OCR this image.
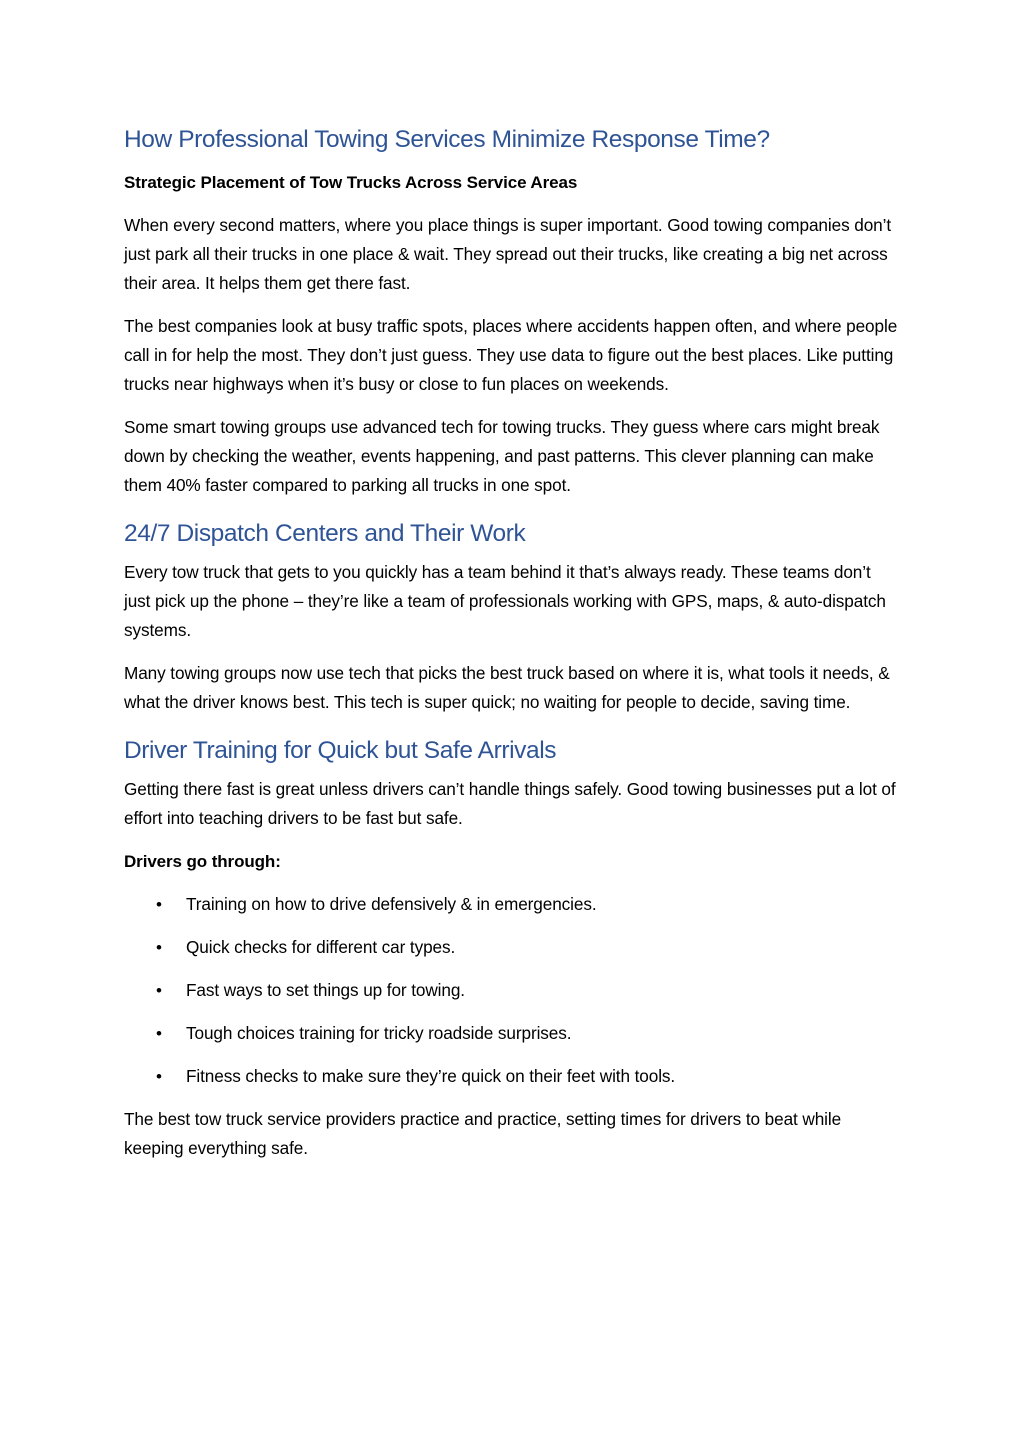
How Professional Towing Services Minimize Response Time?

Strategic Placement of Tow Trucks Across Service Areas

When every second matters, where you place things is super important. Good towing companies don’t just park all their trucks in one place & wait. They spread out their trucks, like creating a big net across their area. It helps them get there fast.

The best companies look at busy traffic spots, places where accidents happen often, and where people call in for help the most. They don’t just guess. They use data to figure out the best places. Like putting trucks near highways when it’s busy or close to fun places on weekends.

Some smart towing groups use advanced tech for towing trucks. They guess where cars might break down by checking the weather, events happening, and past patterns. This clever planning can make them 40% faster compared to parking all trucks in one spot.

24/7 Dispatch Centers and Their Work

Every tow truck that gets to you quickly has a team behind it that’s always ready. These teams don’t just pick up the phone – they’re like a team of professionals working with GPS, maps, & auto-dispatch systems.

Many towing groups now use tech that picks the best truck based on where it is, what tools it needs, & what the driver knows best. This tech is super quick; no waiting for people to decide, saving time.

Driver Training for Quick but Safe Arrivals

Getting there fast is great unless drivers can’t handle things safely. Good towing businesses put a lot of effort into teaching drivers to be fast but safe.

Drivers go through:

• Training on how to drive defensively & in emergencies.
• Quick checks for different car types.
• Fast ways to set things up for towing.
• Tough choices training for tricky roadside surprises.
• Fitness checks to make sure they’re quick on their feet with tools.

The best tow truck service providers practice and practice, setting times for drivers to beat while keeping everything safe.
